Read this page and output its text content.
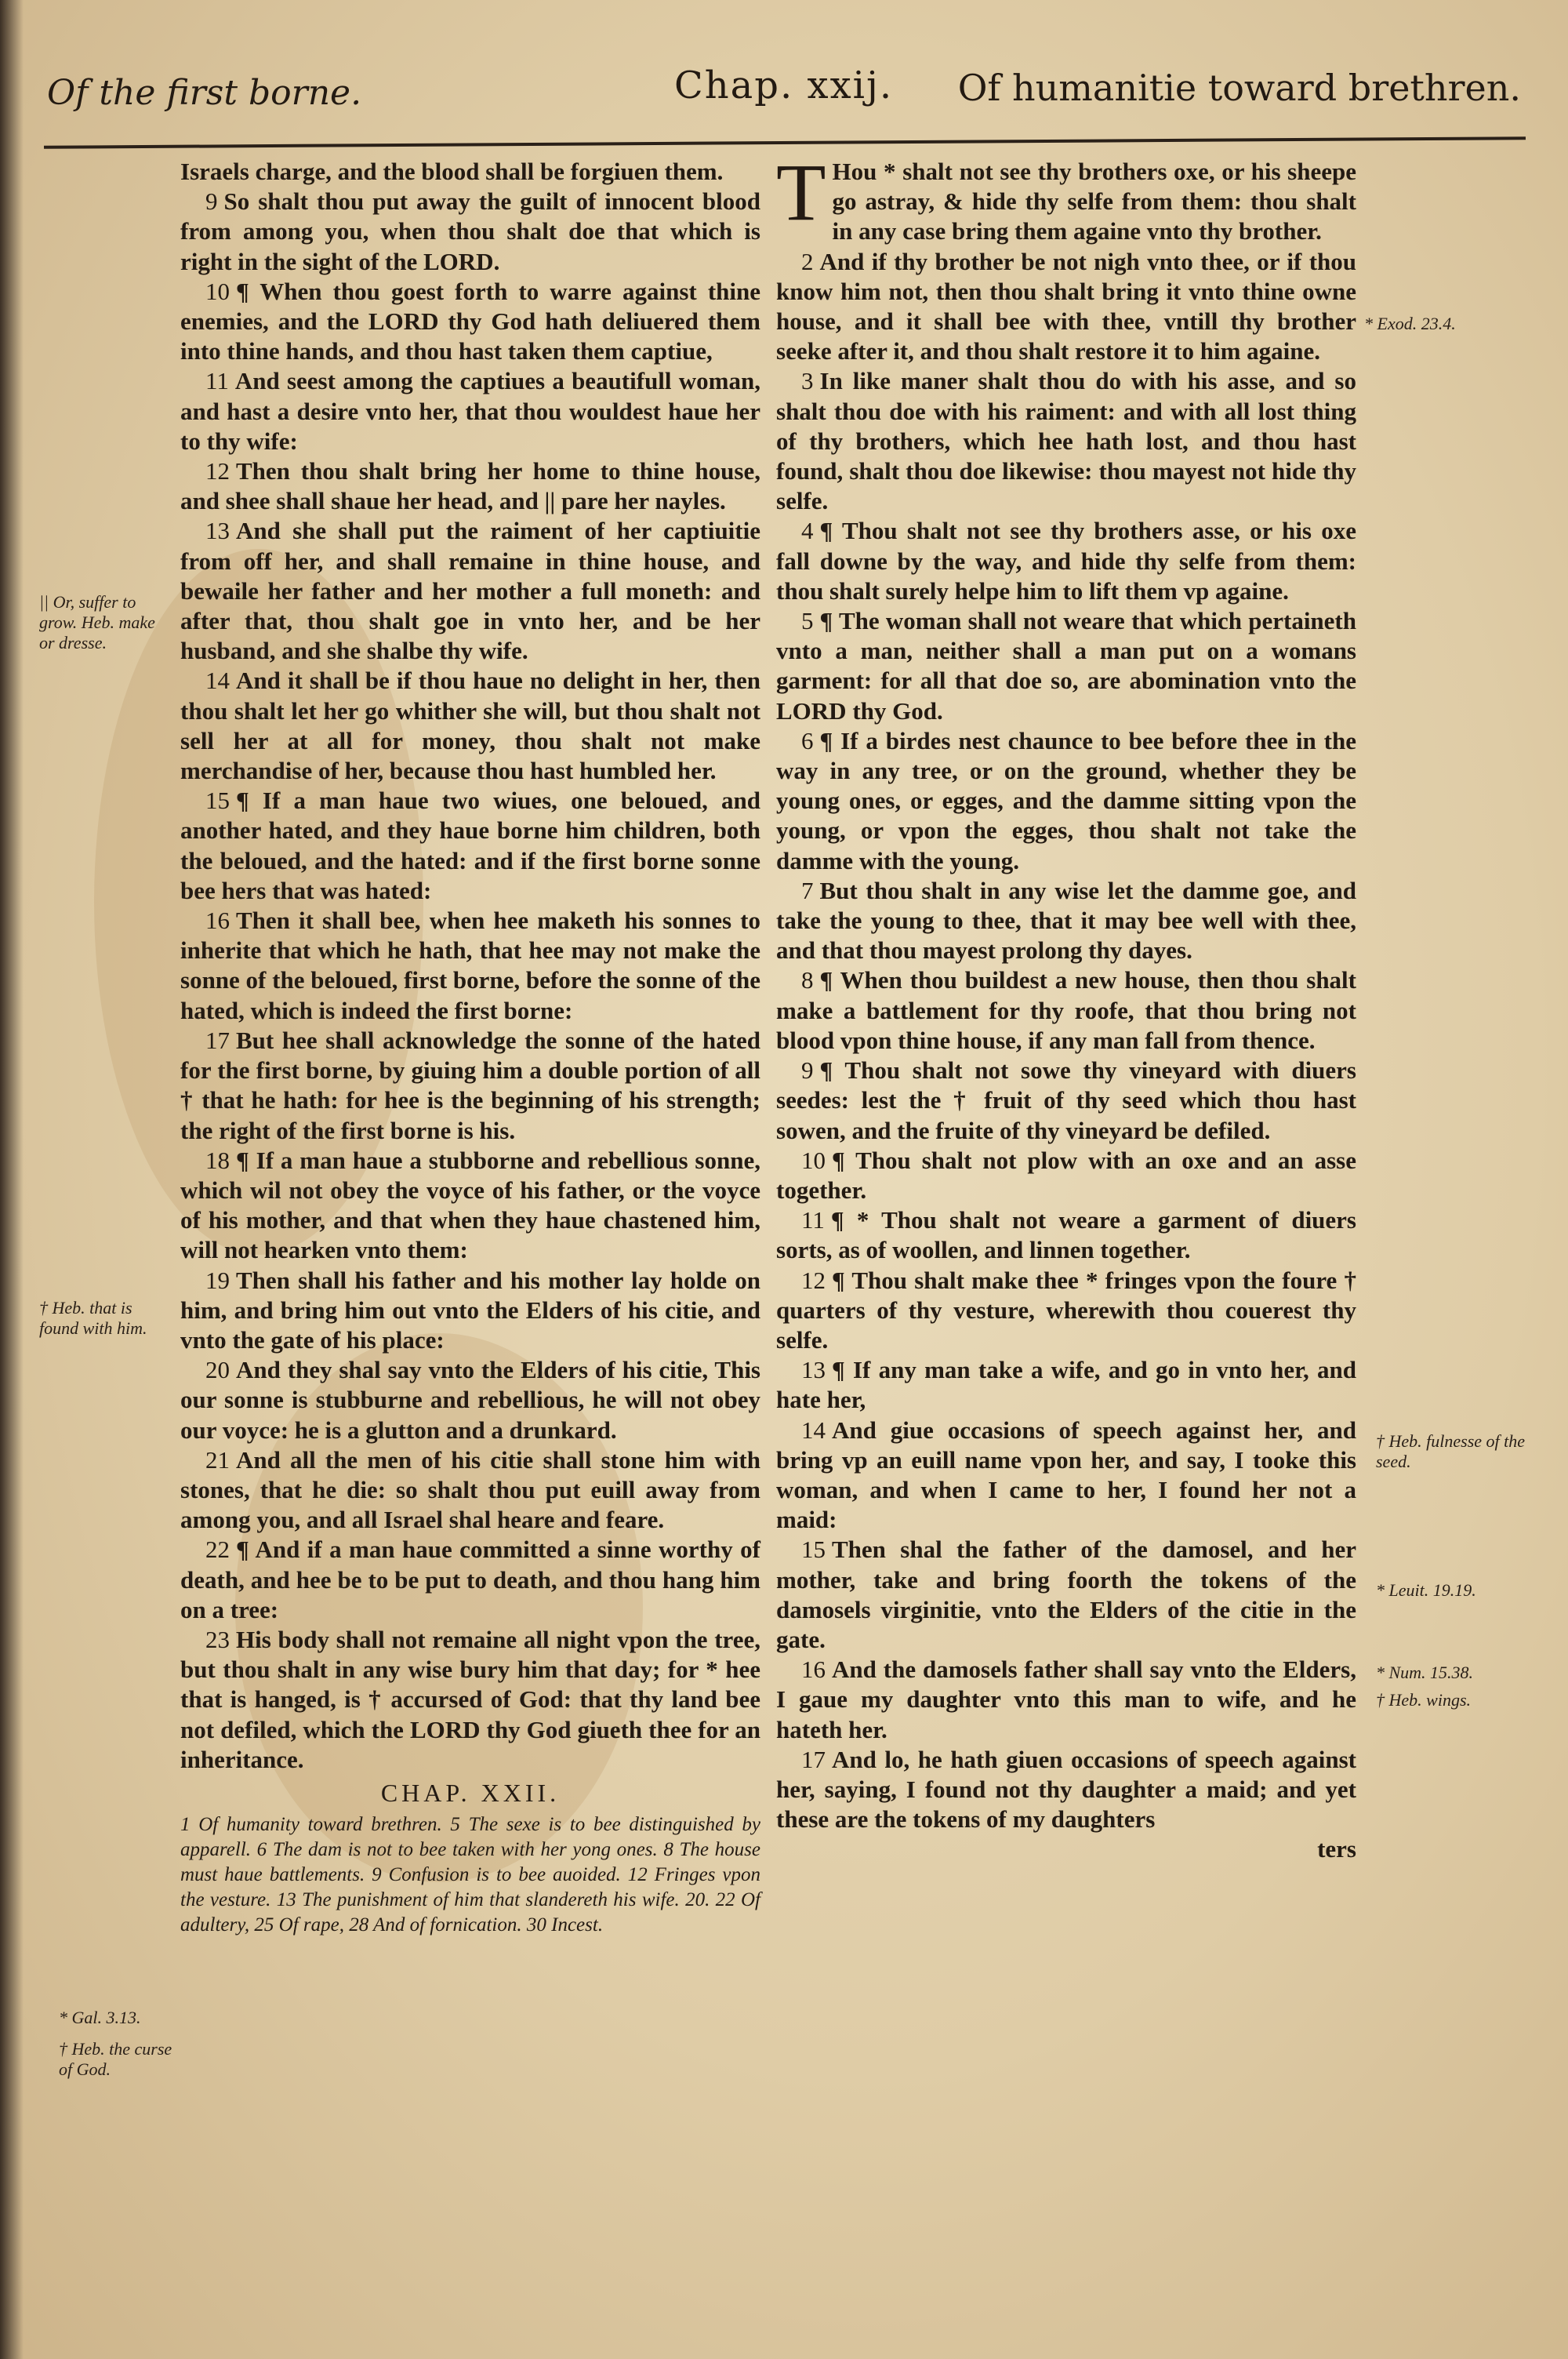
Of the first borne.	Chap. xxij. Of humanitie toward brethren.

Israels charge, and the blood shall be forgiuen them.

9 So shalt thou put away the guilt of innocent blood from among you, when thou shalt doe that which is right in the sight of the LORD.

10 ¶ When thou goest forth to warre against thine enemies, and the LORD thy God hath deliuered them into thine hands, and thou hast taken them captiue,

11 And seest among the captiues a beautifull woman, and hast a desire vnto her, that thou wouldest haue her to thy wife:

12 Then thou shalt bring her home to thine house, and shee shall shaue her head, and || pare her nayles.

13 And she shall put the raiment of her captiuitie from off her, and shall remaine in thine house, and bewaile her father and her mother a full moneth: and after that, thou shalt goe in vnto her, and be her husband, and she shalbe thy wife.

14 And it shall be if thou haue no delight in her, then thou shalt let her go whither she will, but thou shalt not sell her at all for money, thou shalt not make merchandise of her, because thou hast humbled her.

15 ¶ If a man haue two wiues, one beloued, and another hated, and they haue borne him children, both the beloued, and the hated: and if the first borne sonne bee hers that was hated:

16 Then it shall bee, when hee maketh his sonnes to inherite that which he hath, that hee may not make the sonne of the beloued, first borne, before the sonne of the hated, which is indeed the first borne:

17 But hee shall acknowledge the sonne of the hated for the first borne, by giuing him a double portion of all † that he hath: for hee is the beginning of his strength; the right of the first borne is his.

18 ¶ If a man haue a stubborne and rebellious sonne, which wil not obey the voyce of his father, or the voyce of his mother, and that when they haue chastened him, will not hearken vnto them:

19 Then shall his father and his mother lay holde on him, and bring him out vnto the Elders of his citie, and vnto the gate of his place:

20 And they shal say vnto the Elders of his citie, This our sonne is stubburne and rebellious, he will not obey our voyce: he is a glutton and a drunkard.

21 And all the men of his citie shall stone him with stones, that he die: so shalt thou put euill away from among you, and all Israel shal heare and feare.

22 ¶ And if a man haue committed a sinne worthy of death, and hee be to be put to death, and thou hang him on a tree:

23 His body shall not remaine all night vpon the tree, but thou shalt in any wise bury him that day; for * hee that is hanged, is † accursed of God: that thy land bee not defiled, which the LORD thy God giueth thee for an inheritance.

CHAP. XXII.
1 Of humanity toward brethren. 5 The sexe is to bee distinguished by apparell. 6 The dam is not to bee taken with her yong ones. 8 The house must haue battlements. 9 Confusion is to bee auoided. 12 Fringes vpon the vesture. 13 The punishment of him that slandereth his wife. 20. 22 Of adultery, 25 Of rape, 28 And of fornication. 30 Incest.

T Hou * shalt not see thy brothers oxe, or his sheepe go astray, & hide thy selfe from them: thou shalt in any case bring them againe vnto thy brother.

2 And if thy brother be not nigh vnto thee, or if thou know him not, then thou shalt bring it vnto thine owne house, and it shall bee with thee, vntill thy brother seeke after it, and thou shalt restore it to him againe.

3 In like maner shalt thou do with his asse, and so shalt thou doe with his raiment: and with all lost thing of thy brothers, which hee hath lost, and thou hast found, shalt thou doe likewise: thou mayest not hide thy selfe.

4 ¶ Thou shalt not see thy brothers asse, or his oxe fall downe by the way, and hide thy selfe from them: thou shalt surely helpe him to lift them vp againe.

5 ¶ The woman shall not weare that which pertaineth vnto a man, neither shall a man put on a womans garment: for all that doe so, are abomination vnto the LORD thy God.

6 ¶ If a birdes nest chaunce to bee before thee in the way in any tree, or on the ground, whether they be young ones, or egges, and the damme sitting vpon the young, or vpon the egges, thou shalt not take the damme with the young.

7 But thou shalt in any wise let the damme goe, and take the young to thee, that it may bee well with thee, and that thou mayest prolong thy dayes.

8 ¶ When thou buildest a new house, then thou shalt make a battlement for thy roofe, that thou bring not blood vpon thine house, if any man fall from thence.

9 ¶ Thou shalt not sowe thy vineyard with diuers seedes: lest the † fruit of thy seed which thou hast sowen, and the fruite of thy vineyard be defiled.

10 ¶ Thou shalt not plow with an oxe and an asse together.

11 ¶ * Thou shalt not weare a garment of diuers sorts, as of woollen, and linnen together.

12 ¶ Thou shalt make thee * fringes vpon the foure † quarters of thy vesture, wherewith thou couerest thy selfe.

13 ¶ If any man take a wife, and go in vnto her, and hate her,

14 And giue occasions of speech against her, and bring vp an euill name vpon her, and say, I tooke this woman, and when I came to her, I found her not a maid:

15 Then shal the father of the damosel, and her mother, take and bring foorth the tokens of the damosels virginitie, vnto the Elders of the citie in the gate.

16 And the damosels father shall say vnto the Elders, I gaue my daughter vnto this man to wife, and he hateth her.

17 And lo, he hath giuen occasions of speech against her, saying, I found not thy daughter a maid; and yet these are the tokens of my daughters

ters

|| Or, suffer to grow. Heb. make or dresse.
† Heb. that is found with him.
* Gal. 3.13.
† Heb. the curse of God.
* Exod. 23.4.
† Heb. fulnesse of the seed.
* Leuit. 19.19.
* Num. 15.38.
† Heb. wings.
